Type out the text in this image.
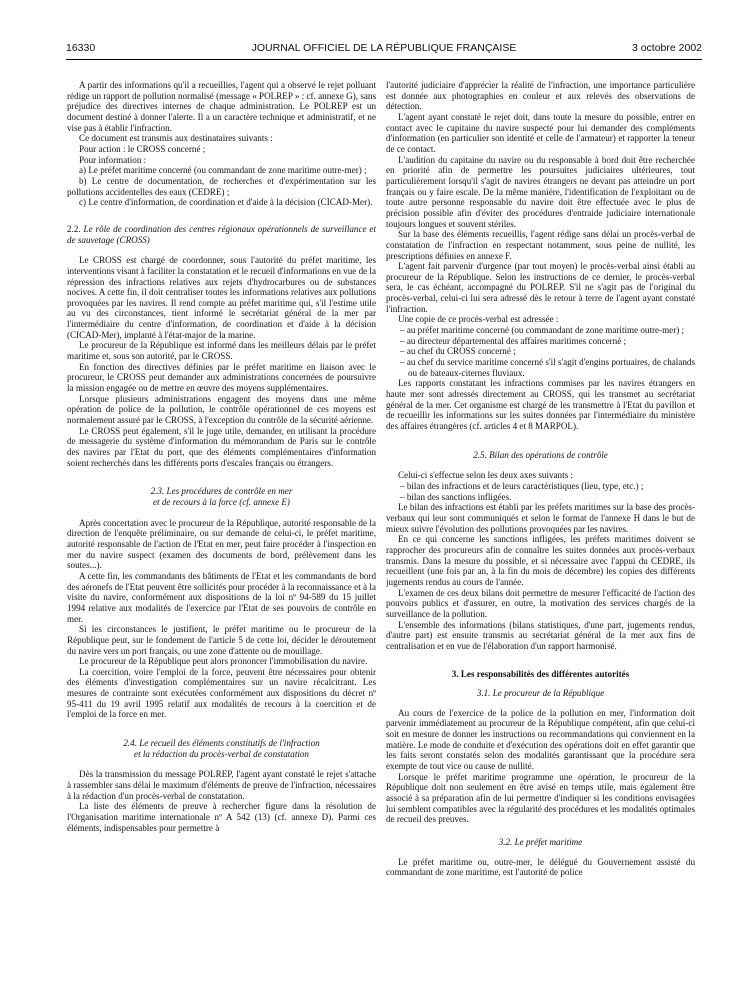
16330	JOURNAL OFFICIEL DE LA RÉPUBLIQUE FRANÇAISE	3 octobre 2002

A partir des informations qu'il a recueillies, l'agent qui a observé le rejet polluant rédige un rapport de pollution normalisé (message « POLREP » : cf. annexe G), sans préjudice des directives internes de chaque administration. Le POLREP est un document destiné à donner l'alerte. Il a un caractère technique et administratif, et ne vise pas à établir l'infraction.

Ce document est transmis aux destinataires suivants :

Pour action : le CROSS concerné ;

Pour information :

a) Le préfet maritime concerné (ou commandant de zone maritime outre-mer) ;

b) Le centre de documentation, de recherches et d'expérimentation sur les pollutions accidentelles des eaux (CEDRE) ;

c) Le centre d'information, de coordination et d'aide à la décision (CICAD-Mer).

2.2. Le rôle de coordination des centres régionaux opérationnels de surveillance et de sauvetage (CROSS)

Le CROSS est chargé de coordonner, sous l'autorité du préfet maritime, les interventions visant à faciliter la constatation et le recueil d'informations en vue de la répression des infractions relatives aux rejets d'hydrocarbures ou de substances nocives. A cette fin, il doit centraliser toutes les informations relatives aux pollutions provoquées par les navires. Il rend compte au préfet maritime qui, s'il l'estime utile au vu des circonstances, tient informé le secrétariat général de la mer par l'intermédiaire du centre d'information, de coordination et d'aide à la décision (CICAD-Mer), implanté à l'état-major de la marine.

Le procureur de la République est informé dans les meilleurs délais par le préfet maritime et, sous son autorité, par le CROSS.

En fonction des directives définies par le préfet maritime en liaison avec le procureur, le CROSS peut demander aux administrations concernées de poursuivre la mission engagée ou de mettre en œuvre des moyens supplémentaires.

Lorsque plusieurs administrations engagent des moyens dans une même opération de police de la pollution, le contrôle opérationnel de ces moyens est normalement assuré par le CROSS, à l'exception du contrôle de la sécurité aérienne.

Le CROSS peut également, s'il le juge utile, demander, en utilisant la procédure de messagerie du système d'information du mémorandum de Paris sur le contrôle des navires par l'Etat du port, que des éléments complémentaires d'information soient recherchés dans les différents ports d'escales français ou étrangers.

2.3. Les procédures de contrôle en mer
et de recours à la force (cf. annexe E)

Après concertation avec le procureur de la République, autorité responsable de la direction de l'enquête préliminaire, ou sur demande de celui-ci, le préfet maritime, autorité responsable de l'action de l'Etat en mer, peut faire procéder à l'inspection en mer du navire suspect (examen des documents de bord, prélèvement dans les soutes...).

A cette fin, les commandants des bâtiments de l'Etat et les commandants de bord des aéronefs de l'Etat peuvent être sollicités pour procéder à la reconnaissance et à la visite du navire, conformément aux dispositions de la loi nº 94-589 du 15 juillet 1994 relative aux modalités de l'exercice par l'Etat de ses pouvoirs de contrôle en mer.

Si les circonstances le justifient, le préfet maritime ou le procureur de la République peut, sur le fondement de l'article 5 de cette loi, décider le déroutement du navire vers un port français, ou une zone d'attente ou de mouillage.

Le procureur de la République peut alors prononcer l'immobilisation du navire.

La coercition, voire l'emploi de la force, peuvent être nécessaires pour obtenir des éléments d'investigation complémentaires sur un navire récalcitrant. Les mesures de contrainte sont exécutées conformément aux dispositions du décret nº 95-411 du 19 avril 1995 relatif aux modalités de recours à la coercition et de l'emploi de la force en mer.

2.4. Le recueil des éléments constitutifs de l'infraction
et la rédaction du procès-verbal de constatation

Dès la transmission du message POLREP, l'agent ayant constaté le rejet s'attache à rassembler sans délai le maximum d'éléments de preuve de l'infraction, nécessaires à la rédaction d'un procès-verbal de constatation.

La liste des éléments de preuve à rechercher figure dans la résolution de l'Organisation maritime internationale nº A 542 (13) (cf. annexe D). Parmi ces éléments, indispensables pour permettre à

l'autorité judiciaire d'apprécier la réalité de l'infraction, une importance particulière est donnée aux photographies en couleur et aux relevés des observations de détection.

L'agent ayant constaté le rejet doit, dans toute la mesure du possible, entrer en contact avec le capitaine du navire suspecté pour lui demander des compléments d'information (en particulier son identité et celle de l'armateur) et rapporter la teneur de ce contact.

L'audition du capitaine du navire ou du responsable à bord doit être recherchée en priorité afin de permettre les poursuites judiciaires ultérieures, tout particulièrement lorsqu'il s'agit de navires étrangers ne devant pas atteindre un port français ou y faire escale. De la même manière, l'identification de l'exploitant ou de toute autre personne responsable du navire doit être effectuée avec le plus de précision possible afin d'éviter des procédures d'entraide judiciaire internationale toujours longues et souvent stériles.

Sur la base des éléments recueillis, l'agent rédige sans délai un procès-verbal de constatation de l'infraction en respectant notamment, sous peine de nullité, les prescriptions définies en annexe F.

L'agent fait parvenir d'urgence (par tout moyen) le procès-verbal ainsi établi au procureur de la République. Selon les instructions de ce dernier, le procès-verbal sera, le cas échéant, accompagné du POLREP. S'il ne s'agit pas de l'original du procès-verbal, celui-ci lui sera adressé dès le retour à terre de l'agent ayant constaté l'infraction.

Une copie de ce procès-verbal est adressée :

– au préfet maritime concerné (ou commandant de zone maritime outre-mer) ;

– au directeur départemental des affaires maritimes concerné ;

– au chef du CROSS concerné ;

– au chef du service maritime concerné s'il s'agit d'engins portuaires, de chalands ou de bateaux-citernes fluviaux.

Les rapports constatant les infractions commises par les navires étrangers en haute mer sont adressés directement au CROSS, qui les transmet au secrétariat général de la mer. Cet organisme est chargé de les transmettre à l'Etat du pavillon et de recueillir les informations sur les suites données par l'intermédiaire du ministère des affaires étrangères (cf. articles 4 et 8 MARPOL).

2.5. Bilan des opérations de contrôle

Celui-ci s'effectue selon les deux axes suivants :

– bilan des infractions et de leurs caractéristiques (lieu, type, etc.) ;

– bilan des sanctions infligées.

Le bilan des infractions est établi par les préfets maritimes sur la base des procès-verbaux qui leur sont communiqués et selon le format de l'annexe H dans le but de mieux suivre l'évolution des pollutions provoquées par les navires.

En ce qui concerne les sanctions infligées, les préfets maritimes doivent se rapprocher des procureurs afin de connaître les suites données aux procès-verbaux transmis. Dans la mesure du possible, et si nécessaire avec l'appui du CEDRE, ils recueillent (une fois par an, à la fin du mois de décembre) les copies des différents jugements rendus au cours de l'année.

L'examen de ces deux bilans doit permettre de mesurer l'efficacité de l'action des pouvoirs publics et d'assurer, en outre, la motivation des services chargés de la surveillance de la pollution.

L'ensemble des informations (bilans statistiques, d'une part, jugements rendus, d'autre part) est ensuite transmis au secrétariat général de la mer aux fins de centralisation et en vue de l'élaboration d'un rapport harmonisé.

3. Les responsabilités des différentes autorités
3.1. Le procureur de la République

Au cours de l'exercice de la police de la pollution en mer, l'information doit parvenir immédiatement au procureur de la République compétent, afin que celui-ci soit en mesure de donner les instructions ou recommandations qui conviennent en la matière. Le mode de conduite et d'exécution des opérations doit en effet garantir que les faits seront constatés selon des modalités garantissant que la procédure sera exempte de tout vice ou cause de nullité.

Lorsque le préfet maritime programme une opération, le procureur de la République doit non seulement en être avisé en temps utile, mais également être associé à sa préparation afin de lui permettre d'indiquer si les conditions envisagées lui semblent compatibles avec la régularité des procédures et les modalités optimales de recueil des preuves.

3.2. Le préfet maritime

Le préfet maritime ou, outre-mer, le délégué du Gouvernement assisté du commandant de zone maritime, est l'autorité de police
